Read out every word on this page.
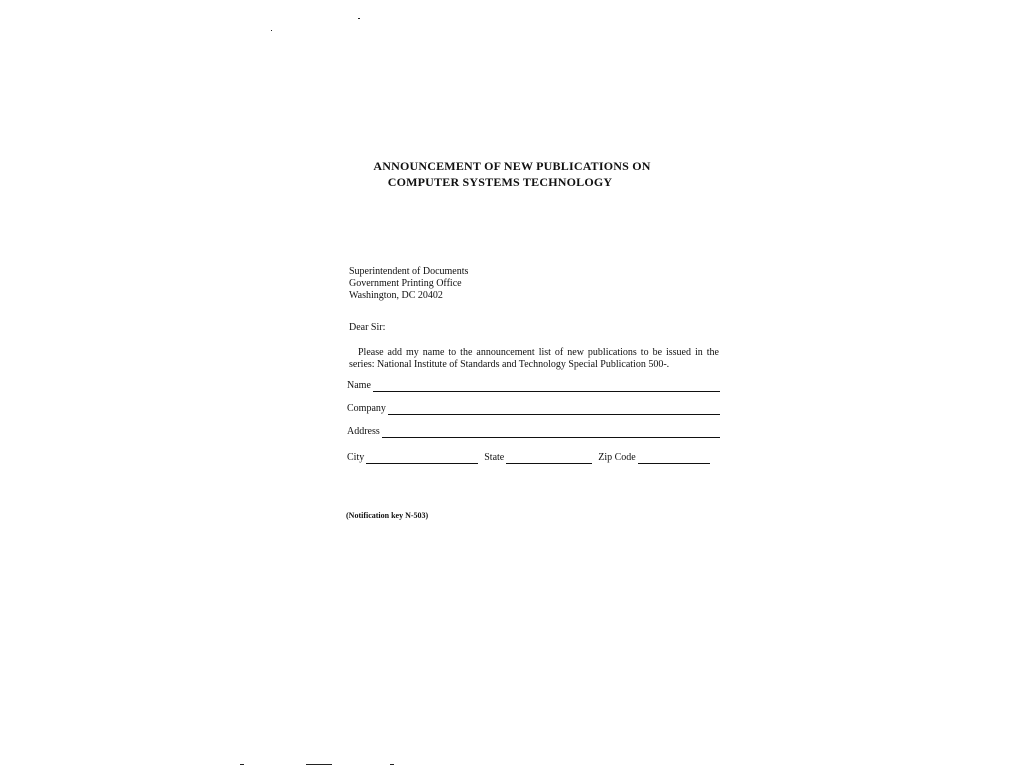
ANNOUNCEMENT OF NEW PUBLICATIONS ON
COMPUTER SYSTEMS TECHNOLOGY
Superintendent of Documents
Government Printing Office
Washington, DC 20402
Dear Sir:
Please add my name to the announcement list of new publications to be issued in the series: National Institute of Standards and Technology Special Publication 500-.
Name
Company
Address
City	State	Zip Code
(Notification key N-503)
